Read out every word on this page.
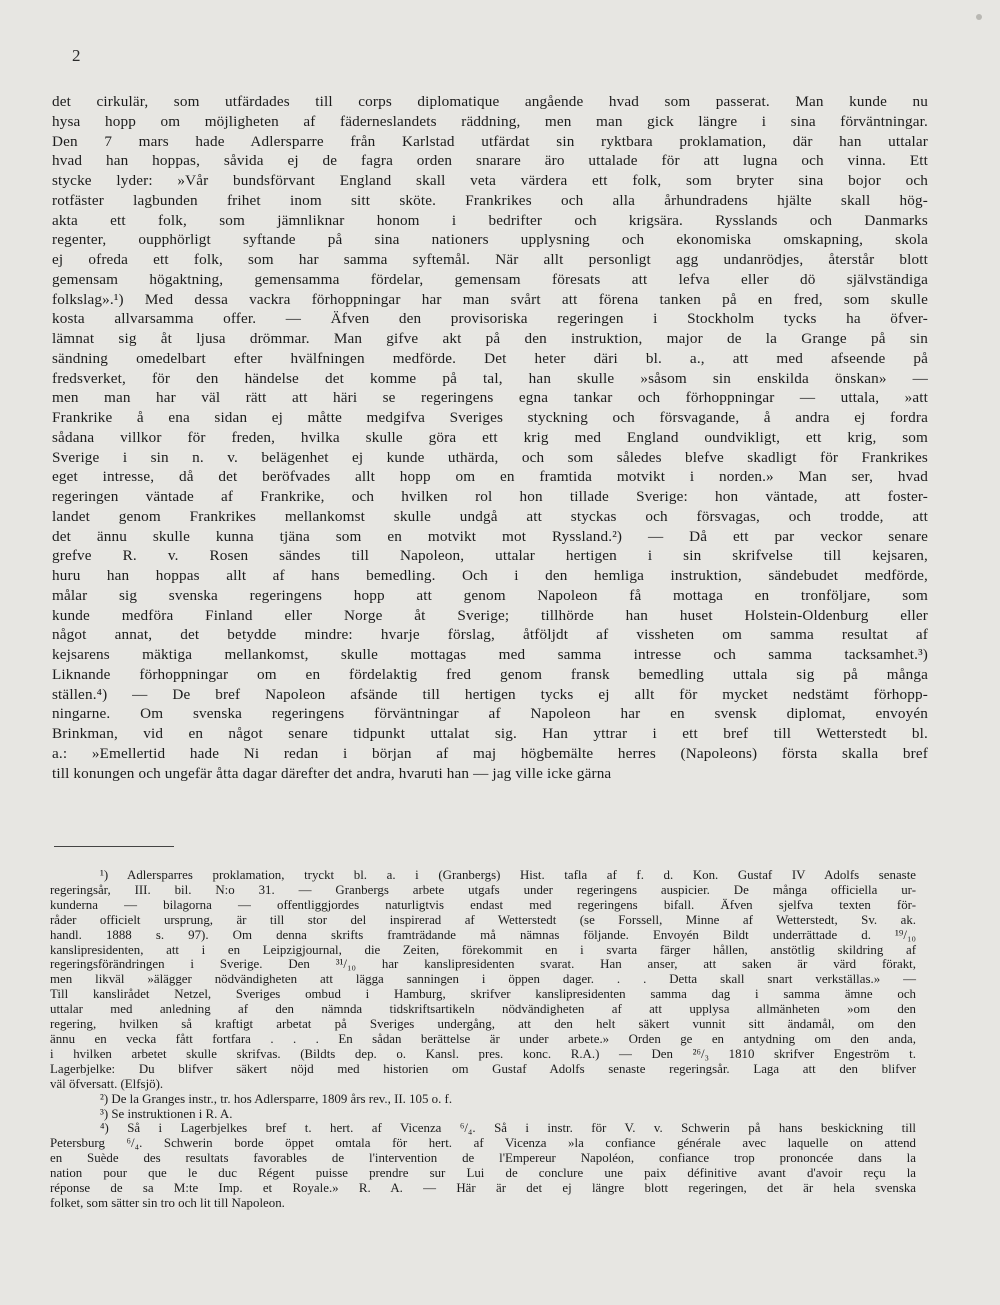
2
det cirkulär, som utfärdades till corps diplomatique angående hvad som passerat. Man kunde nu
hysa hopp om möjligheten af fäderneslandets räddning, men man gick längre i sina förväntningar.
Den 7 mars hade Adlersparre från Karlstad utfärdat sin ryktbara proklamation, där han uttalar
hvad han hoppas, såvida ej de fagra orden snarare äro uttalade för att lugna och vinna. Ett
stycke lyder: »Vår bundsförvant England skall veta värdera ett folk, som bryter sina bojor och
rotfäster lagbunden frihet inom sitt sköte. Frankrikes och alla århundradens hjälte skall hög-
akta ett folk, som jämnliknar honom i bedrifter och krigsära. Rysslands och Danmarks
regenter, oupphörligt syftande på sina nationers upplysning och ekonomiska omskapning, skola
ej ofreda ett folk, som har samma syftemål. När allt personligt agg undanrödjes, återstår blott
gemensam högaktning, gemensamma fördelar, gemensam föresats att lefva eller dö självständiga
folkslag».¹) Med dessa vackra förhoppningar har man svårt att förena tanken på en fred, som skulle
kosta allvarsamma offer. — Äfven den provisoriska regeringen i Stockholm tycks ha öfver-
lämnat sig åt ljusa drömmar. Man gifve akt på den instruktion, major de la Grange på sin
sändning omedelbart efter hvälfningen medförde. Det heter däri bl. a., att med afseende på
fredsverket, för den händelse det komme på tal, han skulle »såsom sin enskilda önskan» —
men man har väl rätt att häri se regeringens egna tankar och förhoppningar — uttala, »att
Frankrike å ena sidan ej måtte medgifva Sveriges styckning och försvagande, å andra ej fordra
sådana villkor för freden, hvilka skulle göra ett krig med England oundvikligt, ett krig, som
Sverige i sin n. v. belägenhet ej kunde uthärda, och som således blefve skadligt för Frankrikes
eget intresse, då det beröfvades allt hopp om en framtida motvikt i norden.» Man ser, hvad
regeringen väntade af Frankrike, och hvilken rol hon tillade Sverige: hon väntade, att foster-
landet genom Frankrikes mellankomst skulle undgå att styckas och försvagas, och trodde, att
det ännu skulle kunna tjäna som en motvikt mot Ryssland.²) — Då ett par veckor senare
grefve R. v. Rosen sändes till Napoleon, uttalar hertigen i sin skrifvelse till kejsaren,
huru han hoppas allt af hans bemedling. Och i den hemliga instruktion, sändebudet medförde,
målar sig svenska regeringens hopp att genom Napoleon få mottaga en tronföljare, som
kunde medföra Finland eller Norge åt Sverige; tillhörde han huset Holstein-Oldenburg eller
något annat, det betydde mindre: hvarje förslag, åtföljdt af vissheten om samma resultat af
kejsarens mäktiga mellankomst, skulle mottagas med samma intresse och samma tacksamhet.³)
Liknande förhoppningar om en fördelaktig fred genom fransk bemedling uttala sig på många
ställen.⁴) — De bref Napoleon afsände till hertigen tycks ej allt för mycket nedstämt förhopp-
ningarne. Om svenska regeringens förväntningar af Napoleon har en svensk diplomat, envoyén
Brinkman, vid en något senare tidpunkt uttalat sig. Han yttrar i ett bref till Wetterstedt bl.
a.: »Emellertid hade Ni redan i början af maj högbemälte herres (Napoleons) första skalla bref
till konungen och ungefär åtta dagar därefter det andra, hvaruti han — jag ville icke gärna
¹) Adlersparres proklamation, tryckt bl. a. i (Granbergs) Hist. tafla af f. d. Kon. Gustaf IV Adolfs senaste
regeringsår, III. bil. N:o 31. — Granbergs arbete utgafs under regeringens auspicier. De många officiella ur-
kunderna — bilagorna — offentliggjordes naturligtvis endast med regeringens bifall. Äfven sjelfva texten för-
råder officielt ursprung, är till stor del inspirerad af Wetterstedt (se Forssell, Minne af Wetterstedt, Sv. ak.
handl. 1888 s. 97). Om denna skrifts framträdande må nämnas följande. Envoyén Bildt underrättade d. ¹⁹/₁₀
kanslipresidenten, att i en Leipzigjournal, die Zeiten, förekommit en i svarta färger hållen, anstötlig skildring af
regeringsförändringen i Sverige. Den ³¹/₁₀ har kanslipresidenten svarat. Han anser, att saken är värd förakt,
men likväl »älägger nödvändigheten att lägga sanningen i öppen dager. . . Detta skall snart verkställas.» —
Till kanslirådet Netzel, Sveriges ombud i Hamburg, skrifver kanslipresidenten samma dag i samma ämne och
uttalar med anledning af den nämnda tidskriftsartikeln nödvändigheten af att upplysa allmänheten »om den
regering, hvilken så kraftigt arbetat på Sveriges undergång, att den helt säkert vunnit sitt ändamål, om den
ännu en vecka fått fortfara . . . En sådan berättelse är under arbete.» Orden ge en antydning om den anda,
i hvilken arbetet skulle skrifvas. (Bildts dep. o. Kansl. pres. konc. R.A.) — Den ²⁶/₃ 1810 skrifver Engeström t.
Lagerbjelke: Du blifver säkert nöjd med historien om Gustaf Adolfs senaste regeringsår. Laga att den blifver
väl öfversatt. (Elfsjö).
²) De la Granges instr., tr. hos Adlersparre, 1809 års rev., II. 105 o. f.
³) Se instruktionen i R. A.
⁴) Så i Lagerbjelkes bref t. hert. af Vicenza ⁶/₄. Så i instr. för V. v. Schwerin på hans beskickning till
Petersburg ⁶/₄. Schwerin borde öppet omtala för hert. af Vicenza »la confiance générale avec laquelle on attend
en Suède des resultats favorables de l'intervention de l'Empereur Napoléon, confiance trop prononcée dans la
nation pour que le duc Régent puisse prendre sur Lui de conclure une paix définitive avant d'avoir reçu la
réponse de sa M:te Imp. et Royale.» R. A. — Här är det ej längre blott regeringen, det är hela svenska
folket, som sätter sin tro och lit till Napoleon.
